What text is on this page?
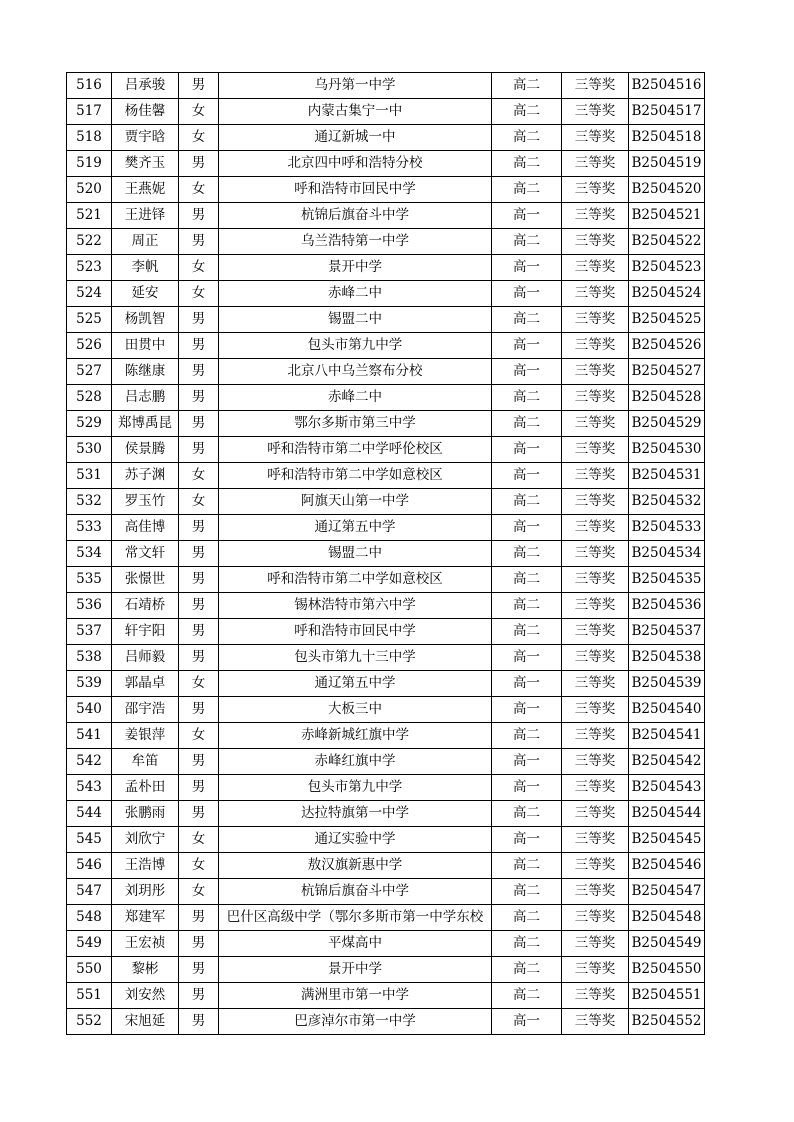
516	吕承骏	男	乌丹第一中学	高二	三等奖	B2504516
517	杨佳馨	女	内蒙古集宁一中	高二	三等奖	B2504517
518	贾宇晗	女	通辽新城一中	高二	三等奖	B2504518
519	樊齐玉	男	北京四中呼和浩特分校	高二	三等奖	B2504519
520	王燕妮	女	呼和浩特市回民中学	高二	三等奖	B2504520
521	王进铎	男	杭锦后旗奋斗中学	高一	三等奖	B2504521
522	周正	男	乌兰浩特第一中学	高二	三等奖	B2504522
523	李帆	女	景开中学	高一	三等奖	B2504523
524	延安	女	赤峰二中	高一	三等奖	B2504524
525	杨凯智	男	锡盟二中	高二	三等奖	B2504525
526	田贯中	男	包头市第九中学	高一	三等奖	B2504526
527	陈继康	男	北京八中乌兰察布分校	高一	三等奖	B2504527
528	吕志鹏	男	赤峰二中	高二	三等奖	B2504528
529	郑博禹昆	男	鄂尔多斯市第三中学	高二	三等奖	B2504529
530	侯景腾	男	呼和浩特市第二中学呼伦校区	高一	三等奖	B2504530
531	苏子渊	女	呼和浩特市第二中学如意校区	高一	三等奖	B2504531
532	罗玉竹	女	阿旗天山第一中学	高二	三等奖	B2504532
533	高佳博	男	通辽第五中学	高一	三等奖	B2504533
534	常文轩	男	锡盟二中	高二	三等奖	B2504534
535	张憬世	男	呼和浩特市第二中学如意校区	高二	三等奖	B2504535
536	石靖桥	男	锡林浩特市第六中学	高二	三等奖	B2504536
537	轩宇阳	男	呼和浩特市回民中学	高二	三等奖	B2504537
538	吕师毅	男	包头市第九十三中学	高一	三等奖	B2504538
539	郭晶卓	女	通辽第五中学	高一	三等奖	B2504539
540	邵宇浩	男	大板三中	高一	三等奖	B2504540
541	姜银萍	女	赤峰新城红旗中学	高二	三等奖	B2504541
542	牟笛	男	赤峰红旗中学	高一	三等奖	B2504542
543	孟朴田	男	包头市第九中学	高一	三等奖	B2504543
544	张鹏雨	男	达拉特旗第一中学	高二	三等奖	B2504544
545	刘欣宁	女	通辽实验中学	高一	三等奖	B2504545
546	王浩博	女	敖汉旗新惠中学	高二	三等奖	B2504546
547	刘玥彤	女	杭锦后旗奋斗中学	高二	三等奖	B2504547
548	郑建军	男	巴什区高级中学（鄂尔多斯市第一中学东校	高二	三等奖	B2504548
549	王宏祯	男	平煤高中	高二	三等奖	B2504549
550	黎彬	男	景开中学	高二	三等奖	B2504550
551	刘安然	男	满洲里市第一中学	高二	三等奖	B2504551
552	宋旭延	男	巴彦淖尔市第一中学	高一	三等奖	B2504552
